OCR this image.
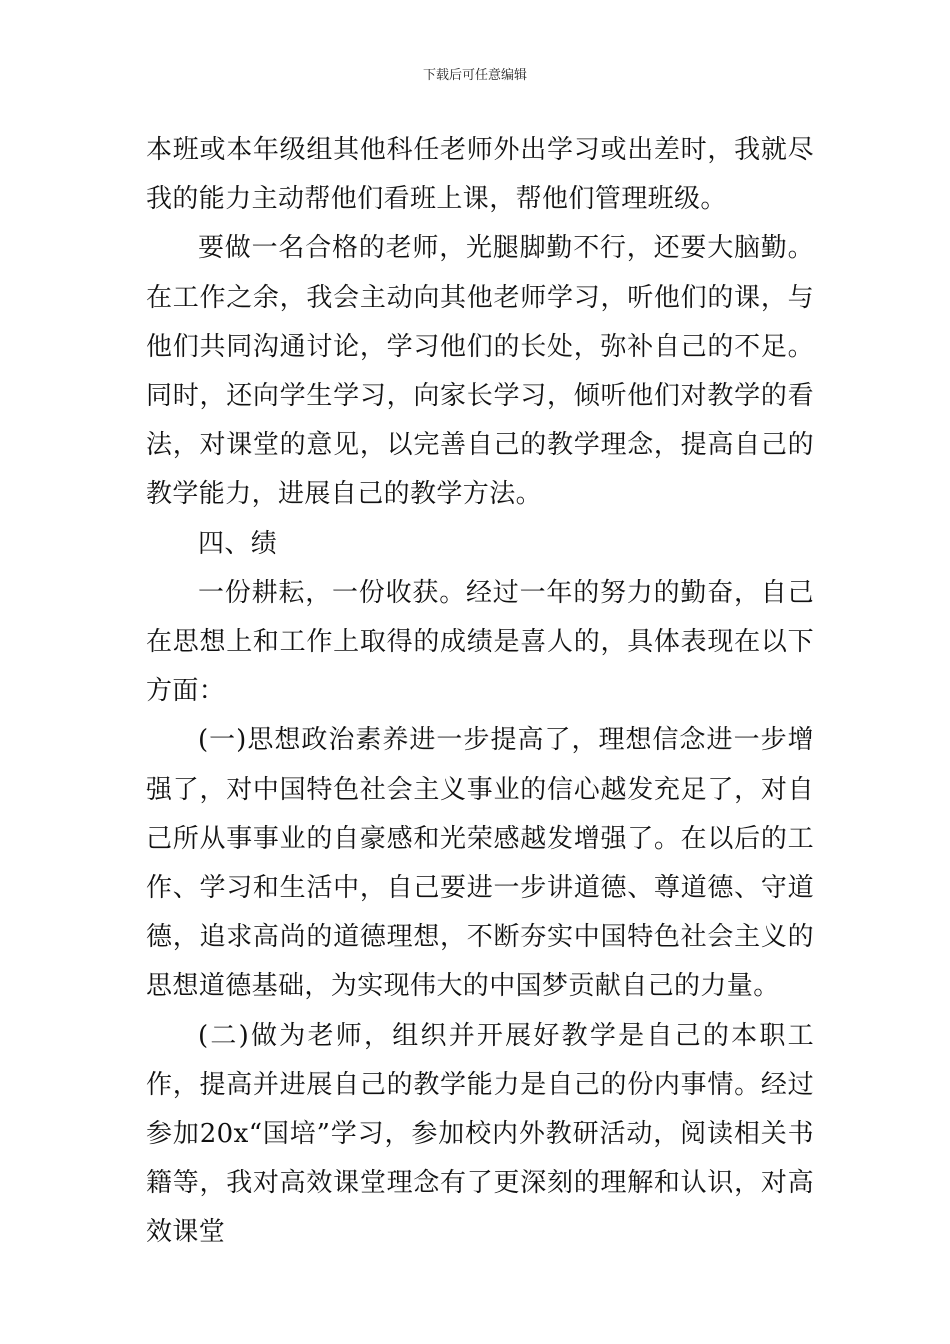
下载后可任意编辑

本班或本年级组其他科任老师外出学习或出差时，我就尽我的能力主动帮他们看班上课，帮他们管理班级。

要做一名合格的老师，光腿脚勤不行，还要大脑勤。在工作之余，我会主动向其他老师学习，听他们的课，与他们共同沟通讨论，学习他们的长处，弥补自己的不足。同时，还向学生学习，向家长学习，倾听他们对教学的看法，对课堂的意见，以完善自己的教学理念，提高自己的教学能力，进展自己的教学方法。

四、绩

一份耕耘，一份收获。经过一年的努力的勤奋，自己在思想上和工作上取得的成绩是喜人的，具体表现在以下方面：

(一)思想政治素养进一步提高了，理想信念进一步增强了，对中国特色社会主义事业的信心越发充足了，对自己所从事事业的自豪感和光荣感越发增强了。在以后的工作、学习和生活中，自己要进一步讲道德、尊道德、守道德，追求高尚的道德理想，不断夯实中国特色社会主义的思想道德基础，为实现伟大的中国梦贡献自己的力量。

(二)做为老师，组织并开展好教学是自己的本职工作，提高并进展自己的教学能力是自己的份内事情。经过参加20x“国培”学习，参加校内外教研活动，阅读相关书籍等，我对高效课堂理念有了更深刻的理解和认识，对高效课堂
